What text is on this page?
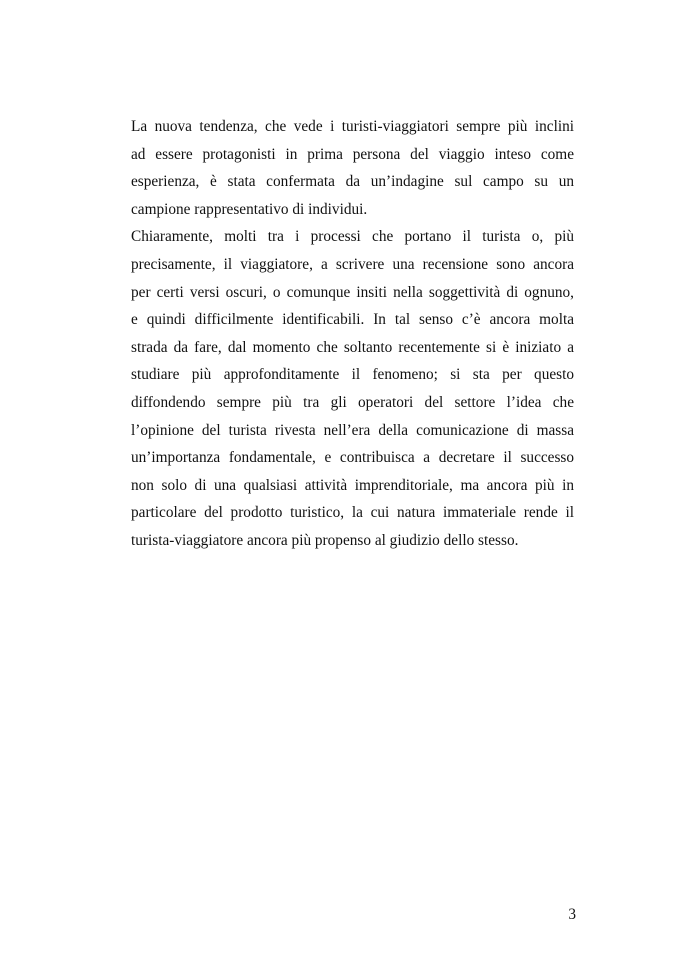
La nuova tendenza, che vede i turisti-viaggiatori sempre più inclini
ad essere protagonisti in prima persona del viaggio inteso come
esperienza, è stata confermata da un’indagine sul campo su un
campione rappresentativo di individui.
Chiaramente, molti tra i processi che portano il turista o, più
precisamente, il viaggiatore, a scrivere una recensione sono ancora
per certi versi oscuri, o comunque insiti nella soggettività di ognuno,
e quindi difficilmente identificabili. In tal senso c’è ancora molta
strada da fare, dal momento che soltanto recentemente si è iniziato a
studiare più approfonditamente il fenomeno; si sta per questo
diffondendo sempre più tra gli operatori del settore l’idea che
l’opinione del turista rivesta nell’era della comunicazione di massa
un’importanza fondamentale, e contribuisca a decretare il successo
non solo di una qualsiasi attività imprenditoriale, ma ancora più in
particolare del prodotto turistico, la cui natura immateriale rende il
turista-viaggiatore ancora più propenso al giudizio dello stesso.
3
